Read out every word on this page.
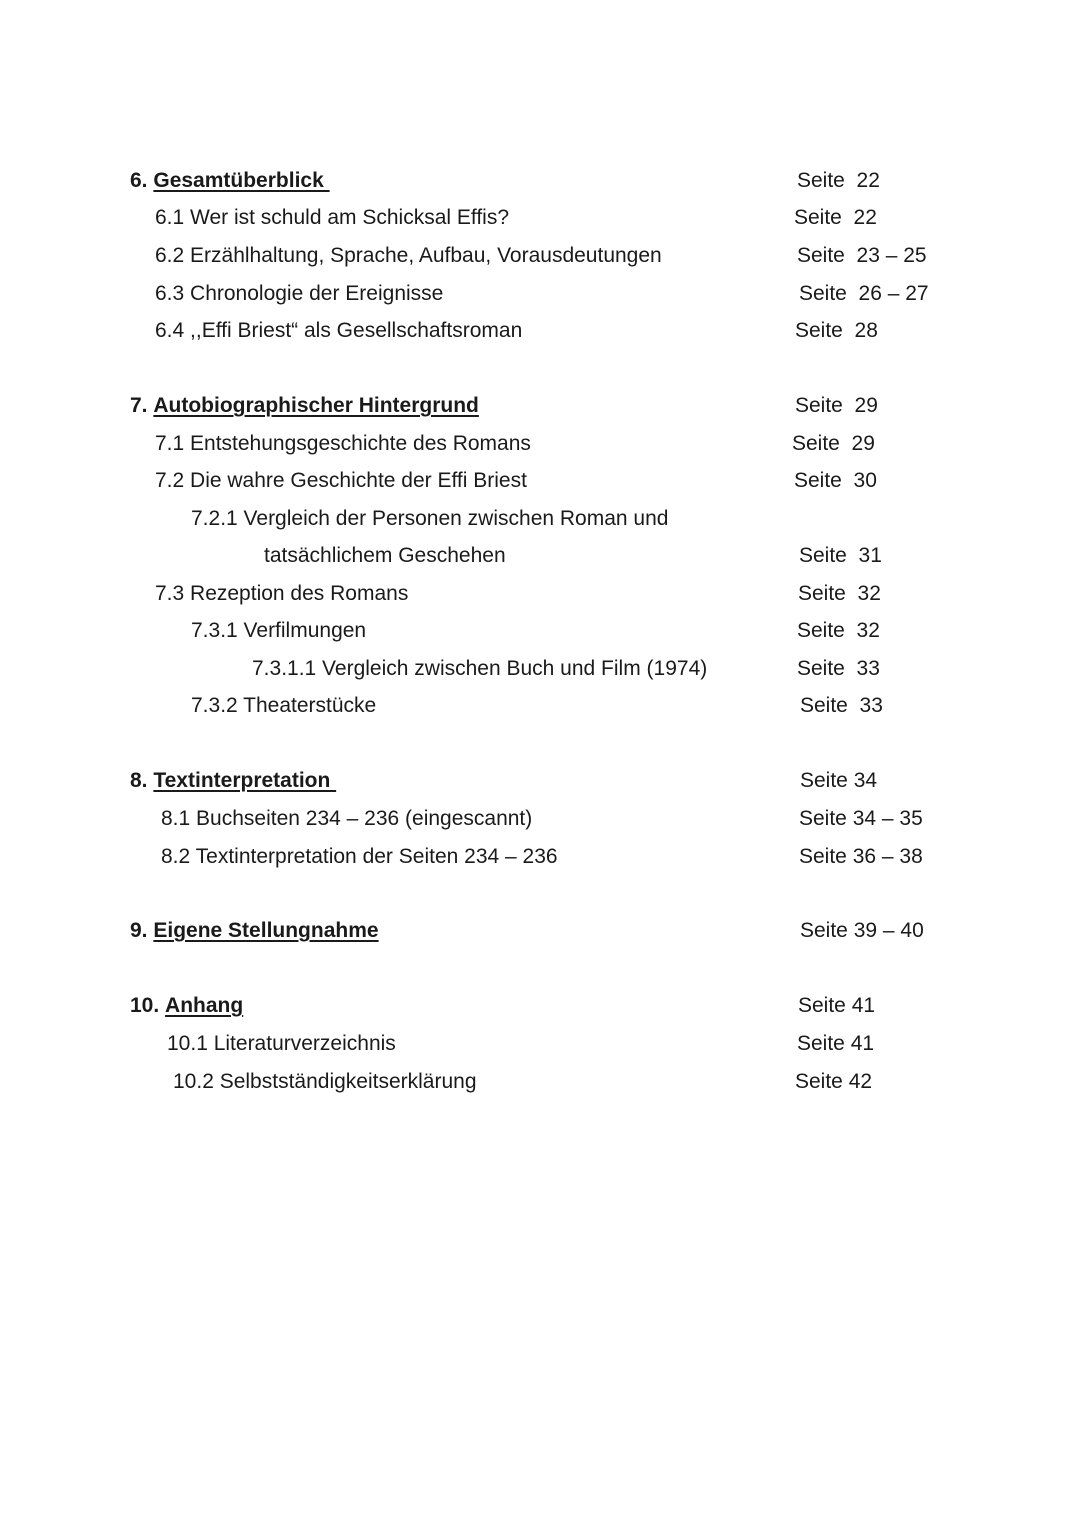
6. Gesamtüberblick	Seite  22
6.1 Wer ist schuld am Schicksal Effis?	Seite  22
6.2 Erzählhaltung, Sprache, Aufbau, Vorausdeutungen	Seite  23 – 25
6.3 Chronologie der Ereignisse	Seite  26 – 27
6.4 ,,Effi Briest“ als Gesellschaftsroman	Seite  28
7. Autobiographischer Hintergrund	Seite  29
7.1 Entstehungsgeschichte des Romans	Seite  29
7.2 Die wahre Geschichte der Effi Briest	Seite  30
7.2.1 Vergleich der Personen zwischen Roman und
tatsächlichem Geschehen	Seite  31
7.3 Rezeption des Romans	Seite  32
7.3.1 Verfilmungen	Seite  32
7.3.1.1 Vergleich zwischen Buch und Film (1974)	Seite  33
7.3.2 Theaterstücke	Seite  33
8. Textinterpretation	Seite 34
8.1 Buchseiten 234 – 236 (eingescannt)	Seite 34 – 35
8.2 Textinterpretation der Seiten 234 – 236	Seite 36 – 38
9. Eigene Stellungnahme	Seite 39 – 40
10. Anhang	Seite 41
10.1 Literaturverzeichnis	Seite 41
10.2 Selbstständigkeitserklärung	Seite 42
